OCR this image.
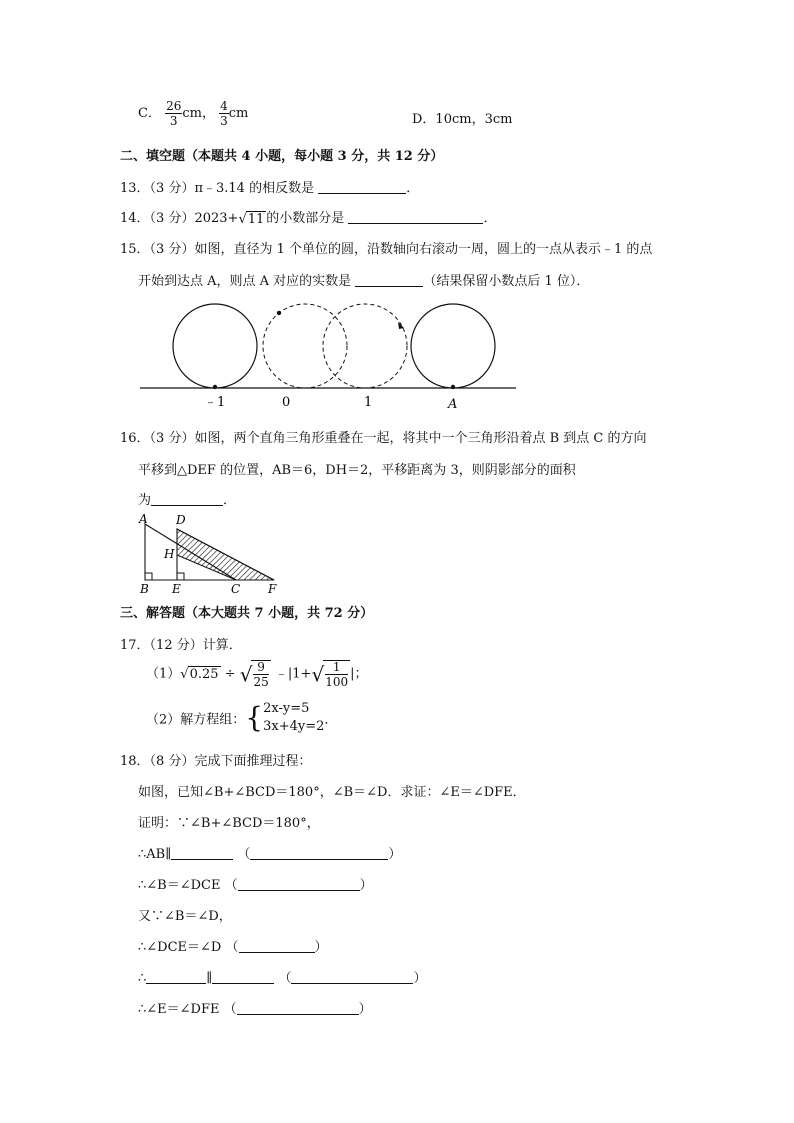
C． $\frac{26}{3}$ cm， $\frac{4}{3}$ cm	D．10cm，3cm
二、填空题（本题共 4 小题，每小题 3 分，共 12 分）
13．（3 分）π﹣3.14 的相反数是	．
14．（3 分）2023+√11 的小数部分是	．
15．（3 分）如图，直径为 1 个单位的圆，沿数轴向右滚动一周，圆上的一点从表示﹣1 的点
开始到达点 A，则点 A 对应的实数是	（结果保留小数点后 1 位）．
﹣1	0	1	A
16．（3 分）如图，两个直角三角形重叠在一起，将其中一个三角形沿着点 B 到点 C 的方向
平移到△DEF 的位置，AB＝6，DH＝2，平移距离为 3，则阴影部分的面积
为	．
A D
H
B E	C F
三、解答题（本大题共 7 小题，共 72 分）
17．（12 分）计算．
（1）√0.25 ÷ √ $\frac{9}{25}$ ﹣|1+√ $\frac{1}{100}$ |；
（2）解方程组：{ 2x-y=5
3x+4y=2 ．
18．（8 分）完成下面推理过程：
如图，已知∠B+∠BCD＝180°，∠B＝∠D．求证：∠E＝∠DFE．
证明：∵∠B+∠BCD＝180°，
∴AB∥	（	）
∴∠B＝∠DCE （	）
又∵∠B＝∠D，
∴∠DCE＝∠D （	）
∴	∥	（	）
∴∠E＝∠DFE （	）
